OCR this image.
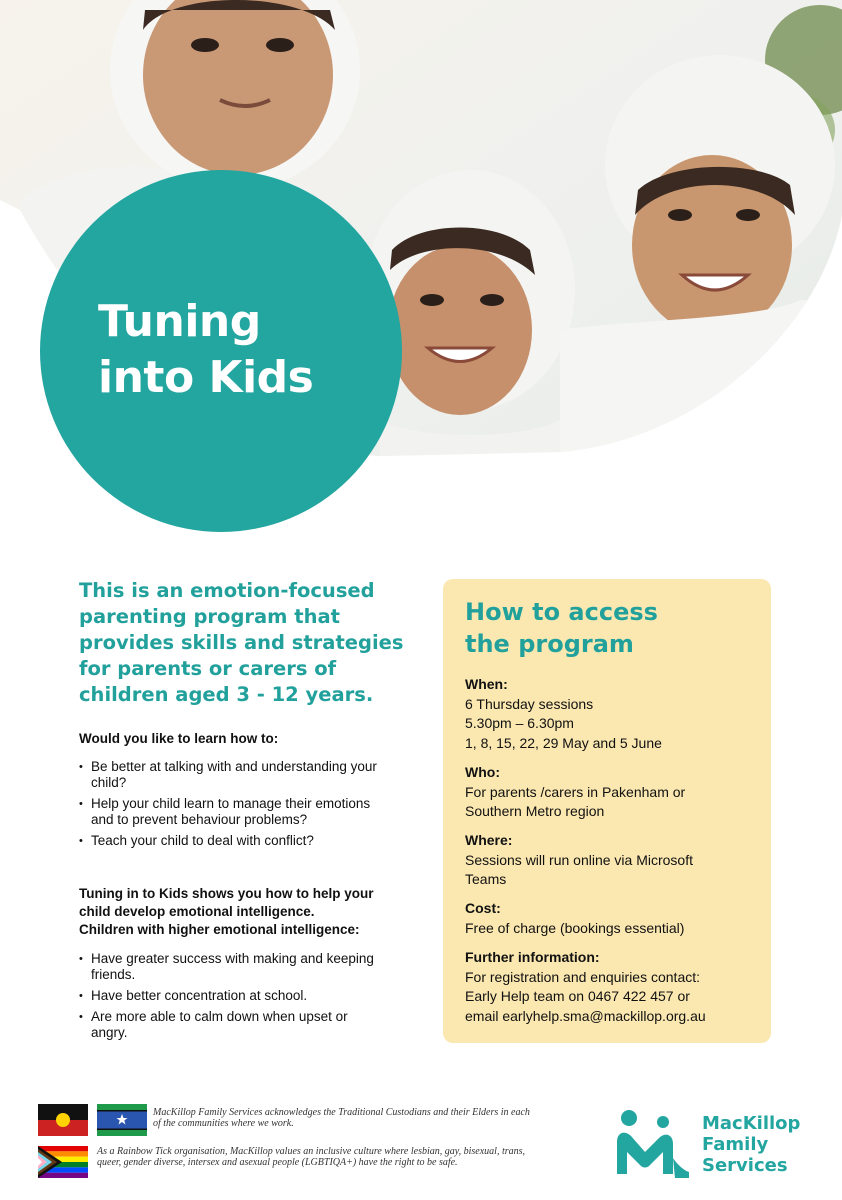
Tuning
into Kids
This is an emotion-focused
parenting program that
provides skills and strategies
for parents or carers of
children aged 3 - 12 years.
Would you like to learn how to:
• Be better at talking with and understanding your child?
• Help your child learn to manage their emotions and to prevent behaviour problems?
• Teach your child to deal with conflict?
Tuning in to Kids shows you how to help your
child develop emotional intelligence.
Children with higher emotional intelligence:
• Have greater success with making and keeping friends.
• Have better concentration at school.
• Are more able to calm down when upset or angry.
How to access
the program
When:
6 Thursday sessions
5.30pm – 6.30pm
1, 8, 15, 22, 29 May and 5 June
Who:
For parents /carers in Pakenham or
Southern Metro region
Where:
Sessions will run online via Microsoft
Teams
Cost:
Free of charge (bookings essential)
Further information:
For registration and enquiries contact:
Early Help team on 0467 422 457 or
email earlyhelp.sma@mackillop.org.au
MacKillop Family Services acknowledges the Traditional Custodians and their Elders in each of the communities where we work.
As a Rainbow Tick organisation, MacKillop values an inclusive culture where lesbian, gay, bisexual, trans, queer, gender diverse, intersex and asexual people (LGBTIQA+) have the right to be safe.
MacKillop
Family
Services
